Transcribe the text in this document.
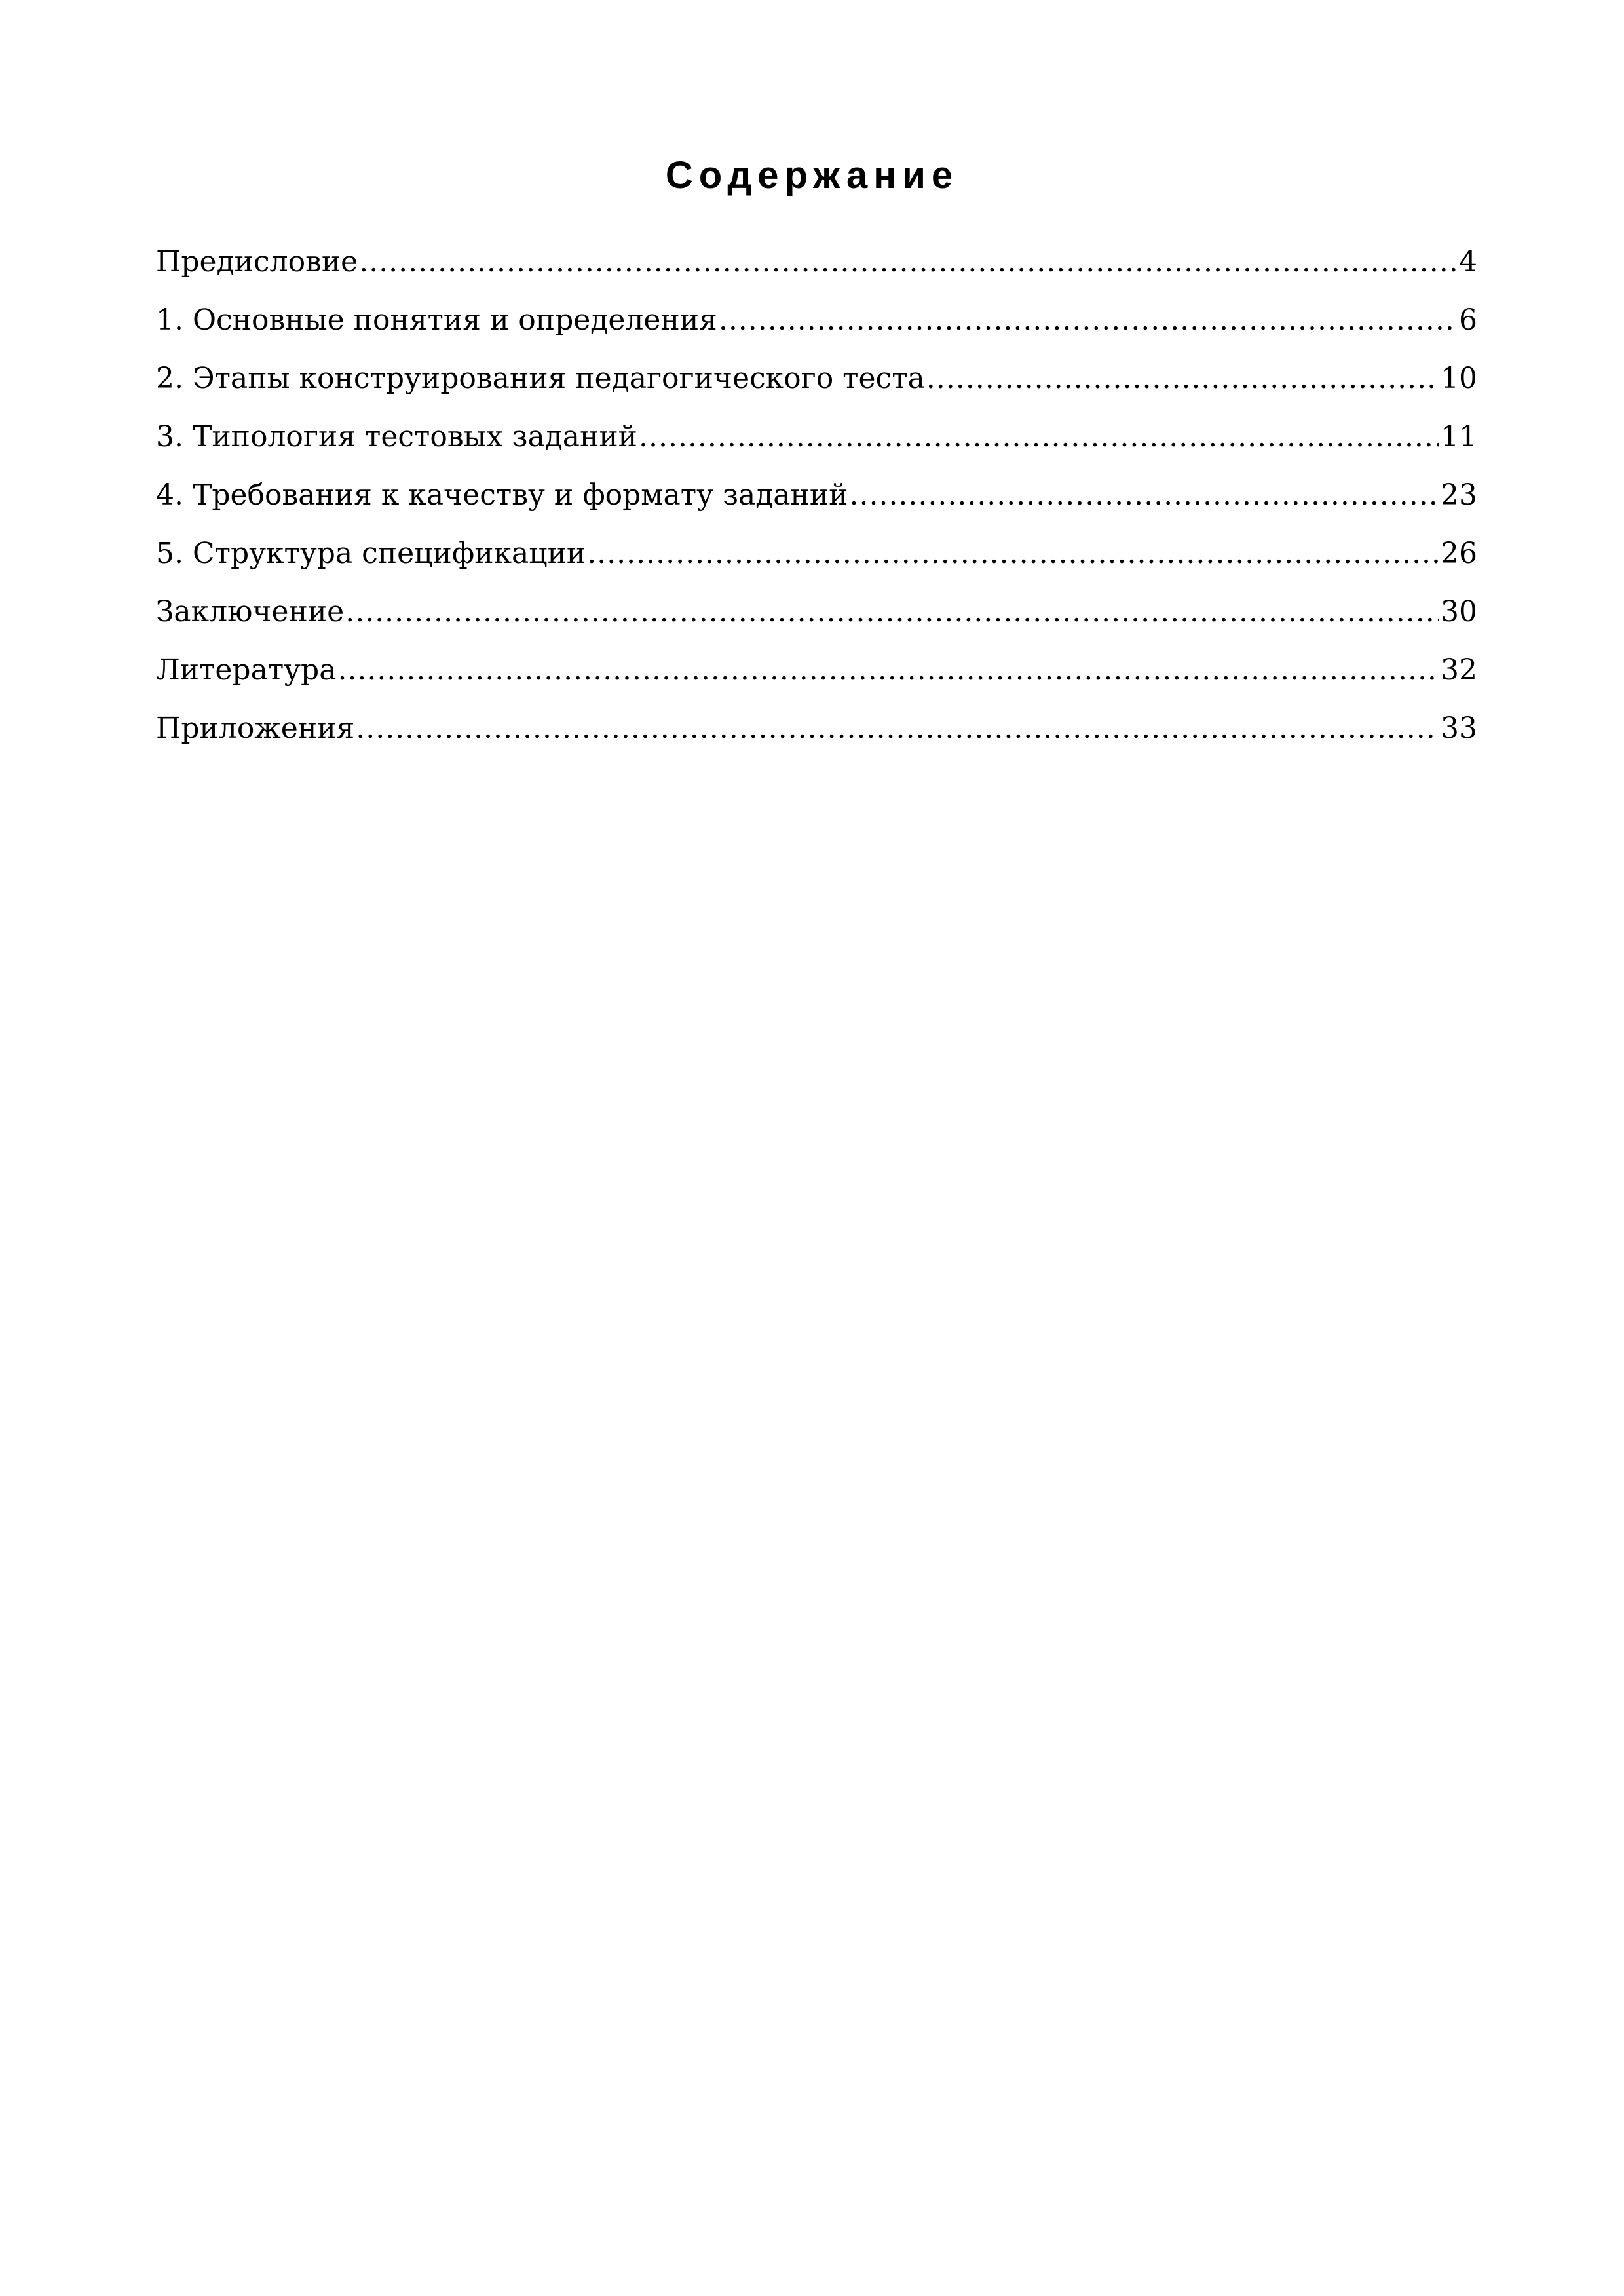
Содержание
Предисловие .....	4
1. Основные понятия и определения .....	6
2. Этапы конструирования педагогического теста .....	10
3. Типология тестовых заданий .....	11
4. Требования к качеству и формату заданий .....	23
5. Структура спецификации .....	26
Заключение .....	30
Литература .....	32
Приложения .....	33
